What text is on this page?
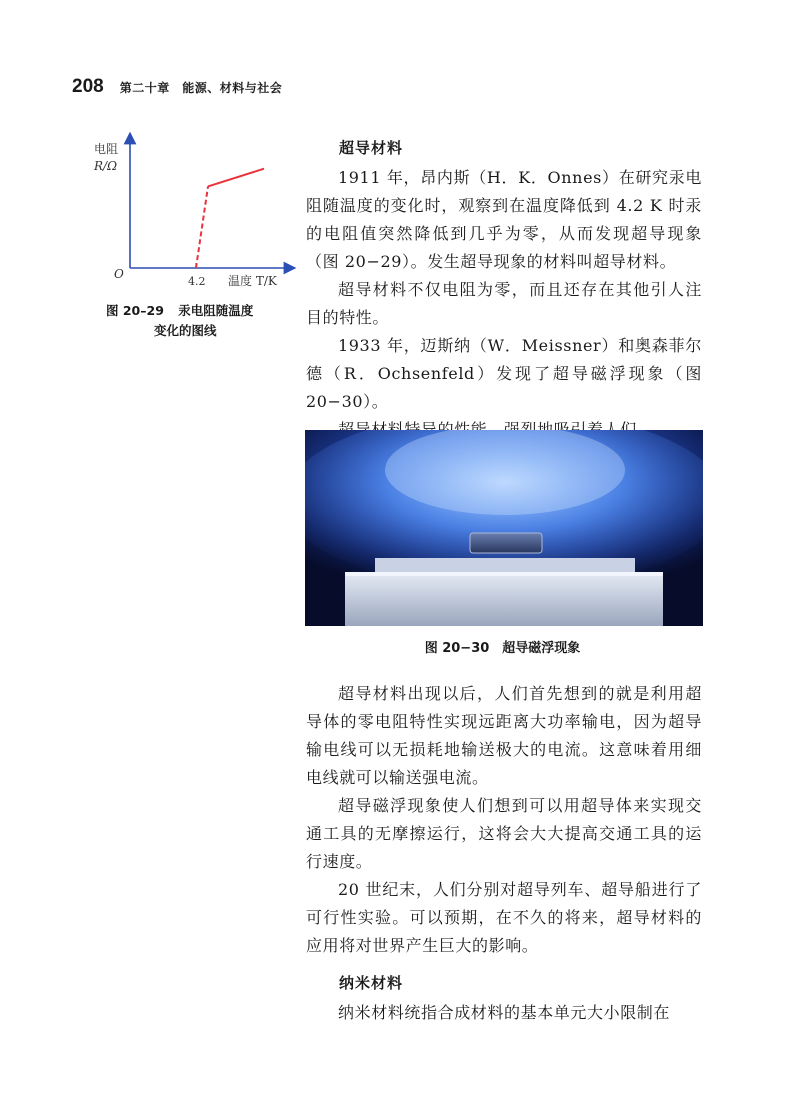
208 第二十章　能源、材料与社会
电阻
R/Ω
O
4.2 温度 T/K
图 20–29 汞电阻随温度
变化的图线
超导材料

1911 年，昂内斯（H．K．Onnes）在研究汞电阻随温度的变化时，观察到在温度降低到 4.2 K 时汞的电阻值突然降低到几乎为零，从而发现超导现象（图 20−29）。发生超导现象的材料叫超导材料。

超导材料不仅电阻为零，而且还存在其他引人注目的特性。

1933 年，迈斯纳（W．Meissner）和奥森菲尔德（R．Ochsenfeld）发现了超导磁浮现象（图 20−30）。

图 20−30　超导磁浮现象

超导材料出现以后，人们首先想到的就是利用超导体的零电阻特性实现远距离大功率输电，因为超导输电线可以无损耗地输送极大的电流。这意味着用细电线就可以输送强电流。

超导磁浮现象使人们想到可以用超导体来实现交通工具的无摩擦运行，这将会大大提高交通工具的运行速度。

20 世纪末，人们分别对超导列车、超导船进行了可行性实验。可以预期，在不久的将来，超导材料的应用将对世界产生巨大的影响。

纳米材料

纳米材料统指合成材料的基本单元大小限制在
